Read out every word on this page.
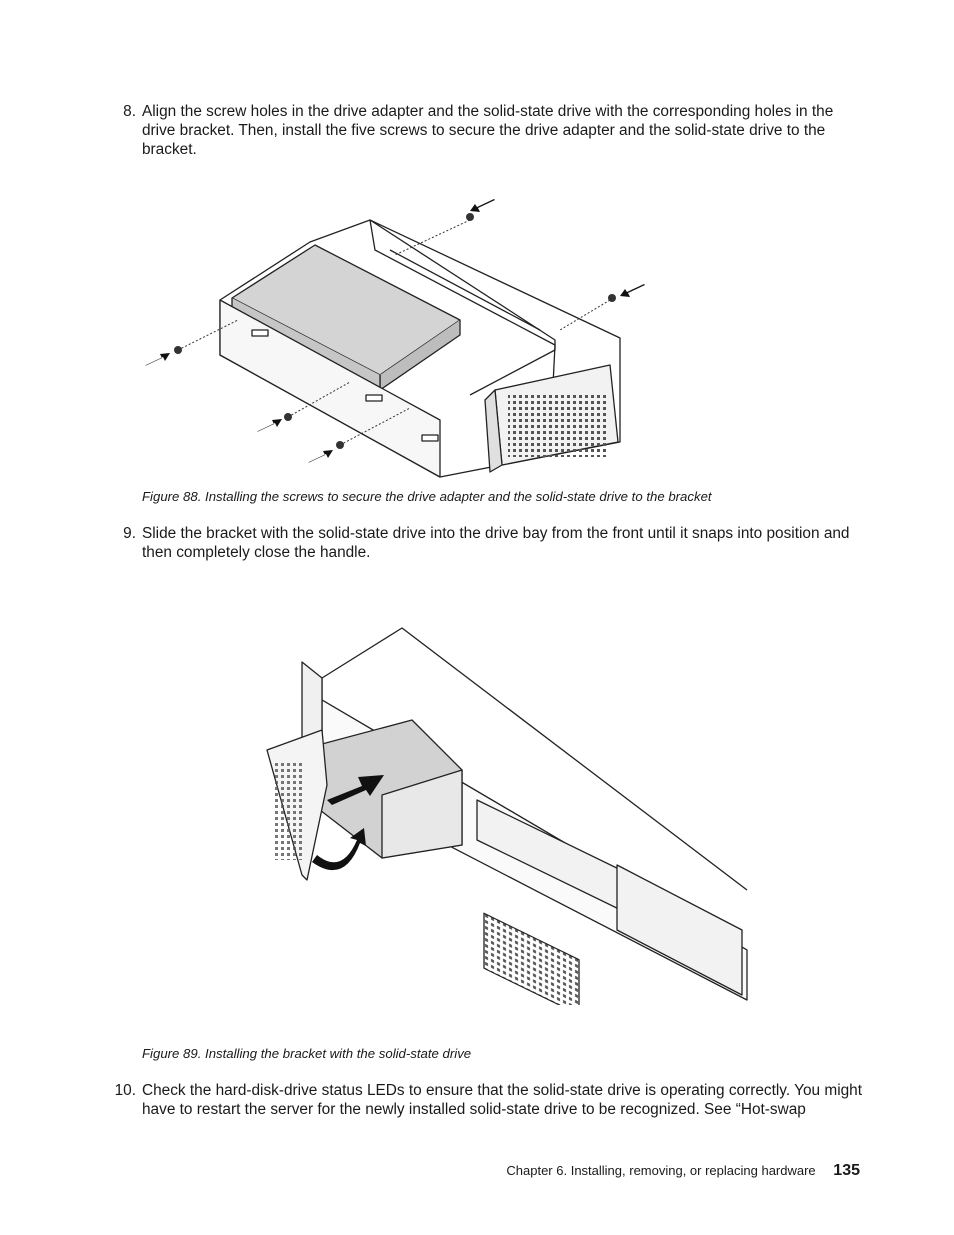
8. Align the screw holes in the drive adapter and the solid-state drive with the corresponding holes in the drive bracket. Then, install the five screws to secure the drive adapter and the solid-state drive to the bracket.
Figure 88. Installing the screws to secure the drive adapter and the solid-state drive to the bracket
9. Slide the bracket with the solid-state drive into the drive bay from the front until it snaps into position and then completely close the handle.
Figure 89. Installing the bracket with the solid-state drive
10. Check the hard-disk-drive status LEDs to ensure that the solid-state drive is operating correctly. You might have to restart the server for the newly installed solid-state drive to be recognized. See “Hot-swap
Chapter 6. Installing, removing, or replacing hardware 135
